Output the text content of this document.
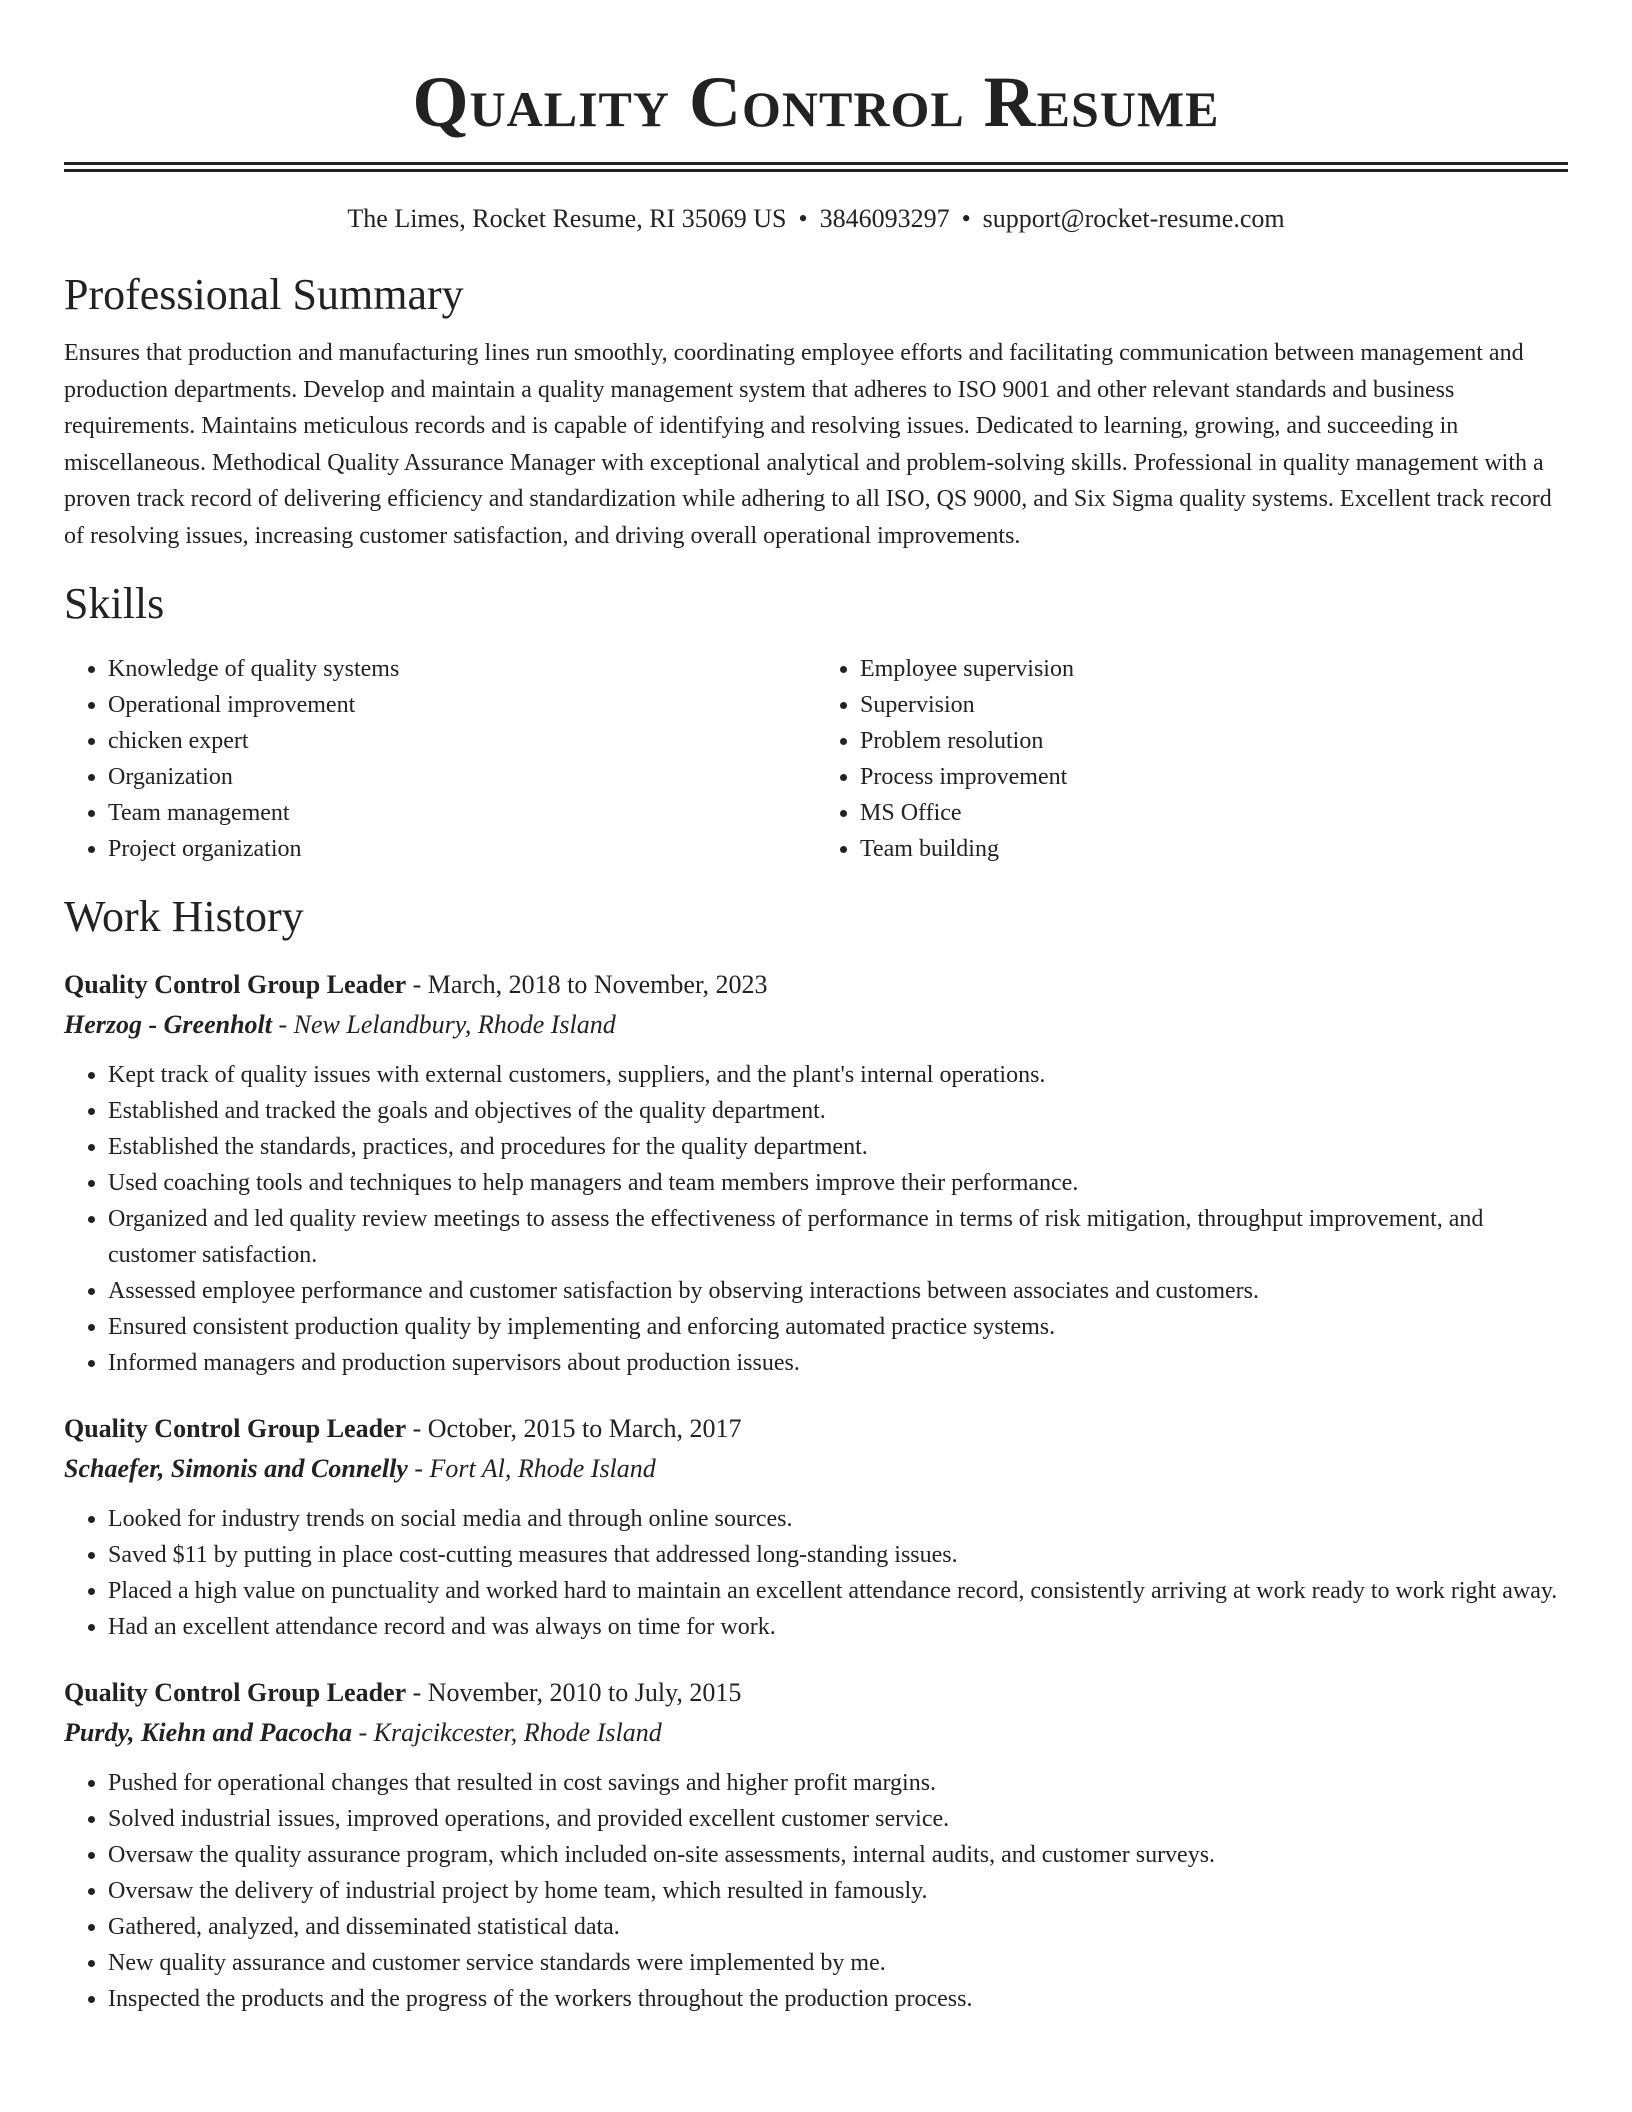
Quality Control Resume
The Limes, Rocket Resume, RI 35069 US • 3846093297 • support@rocket-resume.com
Professional Summary

Ensures that production and manufacturing lines run smoothly, coordinating employee efforts and facilitating communication between management and production departments. Develop and maintain a quality management system that adheres to ISO 9001 and other relevant standards and business requirements. Maintains meticulous records and is capable of identifying and resolving issues. Dedicated to learning, growing, and succeeding in miscellaneous. Methodical Quality Assurance Manager with exceptional analytical and problem-solving skills. Professional in quality management with a proven track record of delivering efficiency and standardization while adhering to all ISO, QS 9000, and Six Sigma quality systems. Excellent track record of resolving issues, increasing customer satisfaction, and driving overall operational improvements.

Skills
• Knowledge of quality systems
• Operational improvement
• chicken expert
• Organization
• Team management
• Project organization
• Employee supervision
• Supervision
• Problem resolution
• Process improvement
• MS Office
• Team building
Work History
Quality Control Group Leader - March, 2018 to November, 2023
Herzog - Greenholt - New Lelandbury, Rhode Island
• Kept track of quality issues with external customers, suppliers, and the plant's internal operations.
• Established and tracked the goals and objectives of the quality department.
• Established the standards, practices, and procedures for the quality department.
• Used coaching tools and techniques to help managers and team members improve their performance.
• Organized and led quality review meetings to assess the effectiveness of performance in terms of risk mitigation, throughput improvement, and customer satisfaction.
• Assessed employee performance and customer satisfaction by observing interactions between associates and customers.
• Ensured consistent production quality by implementing and enforcing automated practice systems.
• Informed managers and production supervisors about production issues.
Quality Control Group Leader - October, 2015 to March, 2017
Schaefer, Simonis and Connelly - Fort Al, Rhode Island
• Looked for industry trends on social media and through online sources.
• Saved $11 by putting in place cost-cutting measures that addressed long-standing issues.
• Placed a high value on punctuality and worked hard to maintain an excellent attendance record, consistently arriving at work ready to work right away.
• Had an excellent attendance record and was always on time for work.
Quality Control Group Leader - November, 2010 to July, 2015
Purdy, Kiehn and Pacocha - Krajcikcester, Rhode Island
• Pushed for operational changes that resulted in cost savings and higher profit margins.
• Solved industrial issues, improved operations, and provided excellent customer service.
• Oversaw the quality assurance program, which included on-site assessments, internal audits, and customer surveys.
• Oversaw the delivery of industrial project by home team, which resulted in famously.
• Gathered, analyzed, and disseminated statistical data.
• New quality assurance and customer service standards were implemented by me.
• Inspected the products and the progress of the workers throughout the production process.
